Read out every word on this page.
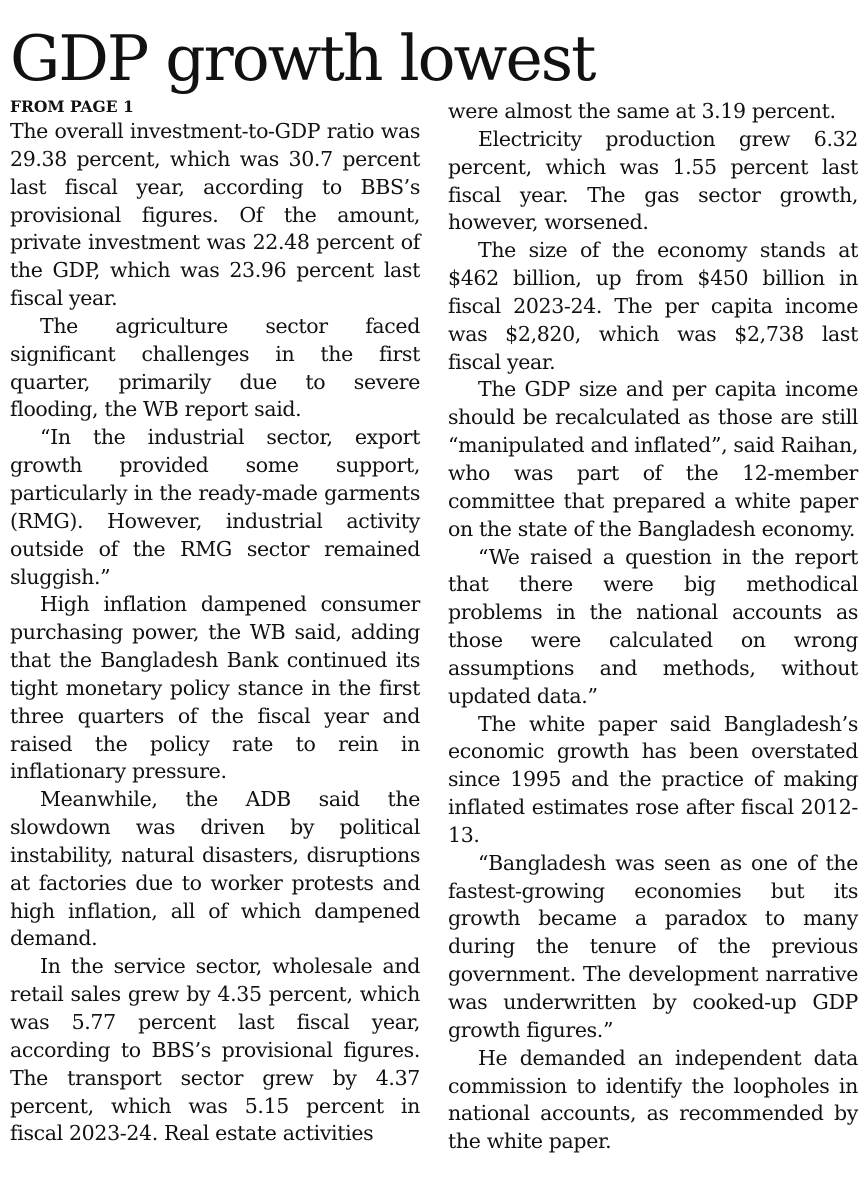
GDP growth lowest
FROM PAGE 1

The overall investment-to-GDP ratio was 29.38 percent, which was 30.7 percent last fiscal year, according to BBS’s provisional figures. Of the amount, private investment was 22.48 percent of the GDP, which was 23.96 percent last fiscal year.

The agriculture sector faced significant challenges in the first quarter, primarily due to severe flooding, the WB report said.

“In the industrial sector, export growth provided some support, particularly in the ready-made garments (RMG). However, industrial activity outside of the RMG sector remained sluggish.”

High inflation dampened consumer purchasing power, the WB said, adding that the Bangladesh Bank continued its tight monetary policy stance in the first three quarters of the fiscal year and raised the policy rate to rein in inflationary pressure.

Meanwhile, the ADB said the slowdown was driven by political instability, natural disasters, disruptions at factories due to worker protests and high inflation, all of which dampened demand.

In the service sector, wholesale and retail sales grew by 4.35 percent, which was 5.77 percent last fiscal year, according to BBS’s provisional figures. The transport sector grew by 4.37 percent, which was 5.15 percent in fiscal 2023-24. Real estate activities

were almost the same at 3.19 percent.

Electricity production grew 6.32 percent, which was 1.55 percent last fiscal year. The gas sector growth, however, worsened.

The size of the economy stands at $462 billion, up from $450 billion in fiscal 2023-24. The per capita income was $2,820, which was $2,738 last fiscal year.

The GDP size and per capita income should be recalculated as those are still “manipulated and inflated”, said Raihan, who was part of the 12-member committee that prepared a white paper on the state of the Bangladesh economy.

“We raised a question in the report that there were big methodical problems in the national accounts as those were calculated on wrong assumptions and methods, without updated data.”

The white paper said Bangladesh’s economic growth has been overstated since 1995 and the practice of making inflated estimates rose after fiscal 2012-13.

“Bangladesh was seen as one of the fastest-growing economies but its growth became a paradox to many during the tenure of the previous government. The development narrative was underwritten by cooked-up GDP growth figures.”

He demanded an independent data commission to identify the loopholes in national accounts, as recommended by the white paper.
